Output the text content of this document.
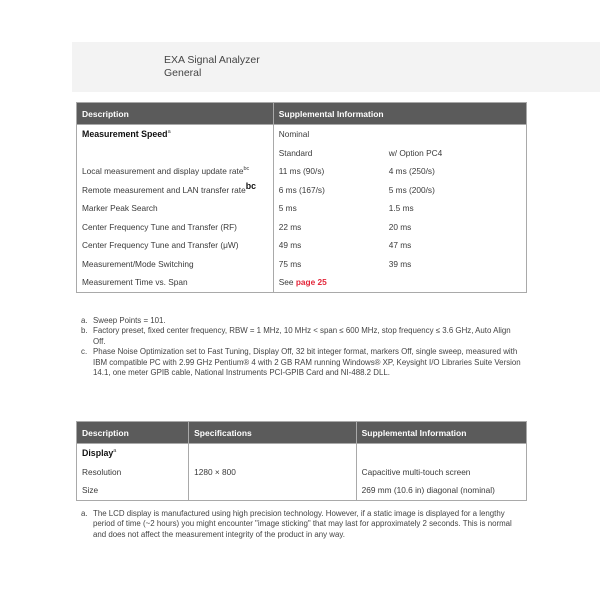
EXA Signal Analyzer
General
Description	Supplemental Information
Measurement Speed$^a$	Nominal

	Standard w/ Option PC4

Local measurement and display update rate$^{bc}$	11 ms (90/s) 4 ms (250/s)

Remote measurement and LAN transfer rate$^{bc}$	6 ms (167/s) 5 ms (200/s)

Marker Peak Search	5 ms 1.5 ms

Center Frequency Tune and Transfer (RF)	22 ms 20 ms

Center Frequency Tune and Transfer (μW)	49 ms 47 ms

Measurement/Mode Switching	75 ms 39 ms

Measurement Time vs. Span	See
page 25
a. Sweep Points = 101.
b. Factory preset, fixed center frequency, RBW = 1 MHz, 10 MHz < span ≤ 600 MHz, stop frequency ≤ 3.6 GHz, Auto Align Off.
c. Phase Noise Optimization set to Fast Tuning, Display Off, 32 bit integer format, markers Off, single sweep, measured with IBM compatible PC with 2.99 GHz Pentium® 4 with 2 GB RAM running Windows® XP, Keysight I/O Libraries Suite Version 14.1, one meter GPIB cable, National Instruments PCI-GPIB Card and NI-488.2 DLL.
Description	Specifications	Supplemental Information
Display$^a$		
Resolution	1280 × 800	Capacitive multi-touch screen
Size		269 mm (10.6 in) diagonal (nominal)
a. The LCD display is manufactured using high precision technology. However, if a static image is displayed for a lengthy period of time (~2 hours) you might encounter "image sticking" that may last for approximately 2 seconds. This is normal and does not affect the measurement integrity of the product in any way.
